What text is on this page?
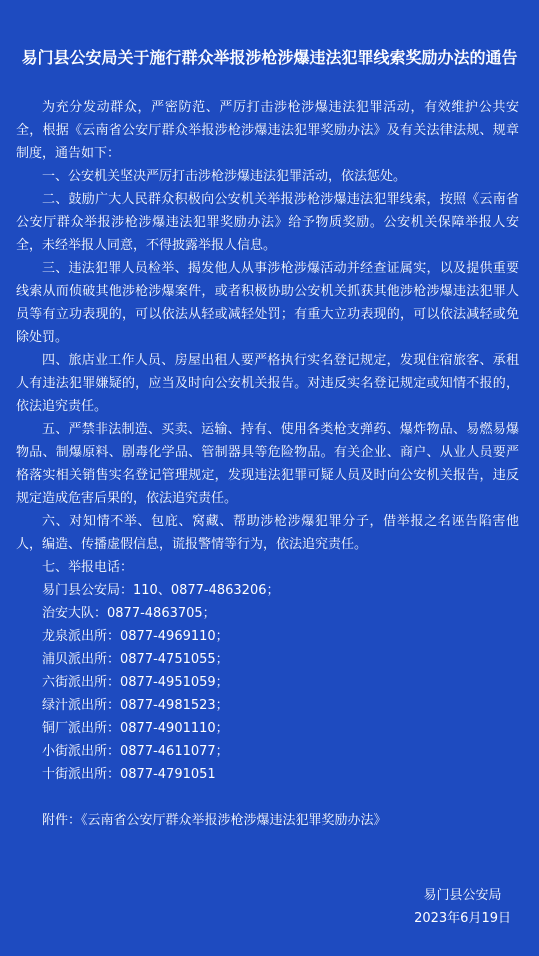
易门县公安局关于施行群众举报涉枪涉爆违法犯罪线索奖励办法的通告

为充分发动群众，严密防范、严厉打击涉枪涉爆违法犯罪活动，有效维护公共安全，根据《云南省公安厅群众举报涉枪涉爆违法犯罪奖励办法》及有关法律法规、规章制度，通告如下：

一、公安机关坚决严厉打击涉枪涉爆违法犯罪活动，依法惩处。

二、鼓励广大人民群众积极向公安机关举报涉枪涉爆违法犯罪线索，按照《云南省公安厅群众举报涉枪涉爆违法犯罪奖励办法》给予物质奖励。公安机关保障举报人安全，未经举报人同意，不得披露举报人信息。

三、违法犯罪人员检举、揭发他人从事涉枪涉爆活动并经查证属实，以及提供重要线索从而侦破其他涉枪涉爆案件，或者积极协助公安机关抓获其他涉枪涉爆违法犯罪人员等有立功表现的，可以依法从轻或减轻处罚；有重大立功表现的，可以依法减轻或免除处罚。

四、旅店业工作人员、房屋出租人要严格执行实名登记规定，发现住宿旅客、承租人有违法犯罪嫌疑的，应当及时向公安机关报告。对违反实名登记规定或知情不报的，依法追究责任。

五、严禁非法制造、买卖、运输、持有、使用各类枪支弹药、爆炸物品、易燃易爆物品、制爆原料、剧毒化学品、管制器具等危险物品。有关企业、商户、从业人员要严格落实相关销售实名登记管理规定，发现违法犯罪可疑人员及时向公安机关报告，违反规定造成危害后果的，依法追究责任。

六、对知情不举、包庇、窝藏、帮助涉枪涉爆犯罪分子，借举报之名诬告陷害他人，编造、传播虚假信息，谎报警情等行为，依法追究责任。

七、举报电话：

易门县公安局：110、0877-4863206；
治安大队：0877-4863705；
龙泉派出所：0877-4969110；
浦贝派出所：0877-4751055；
六街派出所：0877-4951059；
绿汁派出所：0877-4981523；
铜厂派出所：0877-4901110；
小街派出所：0877-4611077；
十街派出所：0877-4791051
附件：《云南省公安厅群众举报涉枪涉爆违法犯罪奖励办法》
易门县公安局
2023年6月19日
